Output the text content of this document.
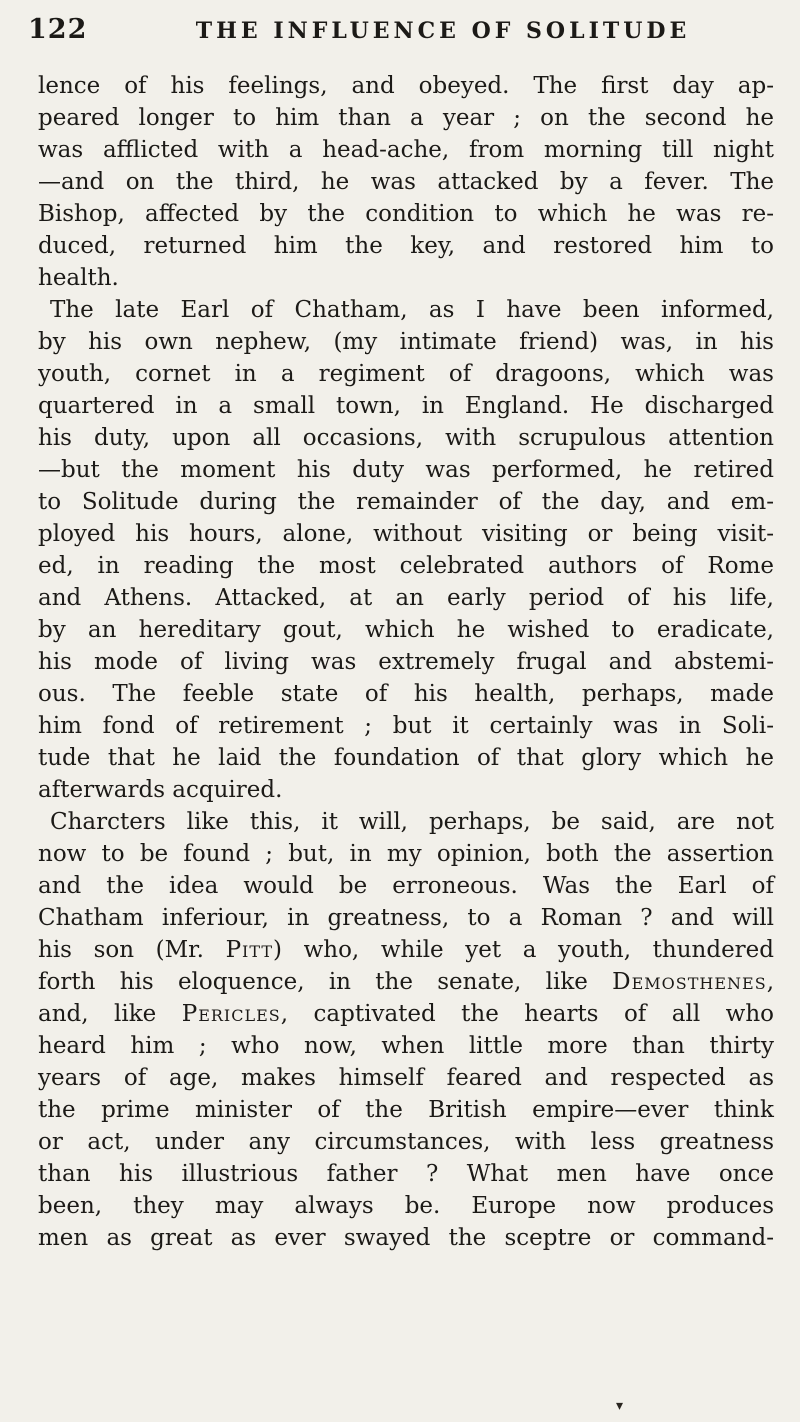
122	THE INFLUENCE OF SOLITUDE
lence of his feelings, and obeyed. The first day ap-
peared longer to him than a year ; on the second he
was afflicted with a head-ache, from morning till night
—and on the third, he was attacked by a fever. The
Bishop, affected by the condition to which he was re-
duced, returned him the key, and restored him to
health.
The late Earl of Chatham, as I have been informed,
by his own nephew, (my intimate friend) was, in his
youth, cornet in a regiment of dragoons, which was
quartered in a small town, in England. He discharged
his duty, upon all occasions, with scrupulous attention
—but the moment his duty was performed, he retired
to Solitude during the remainder of the day, and em-
ployed his hours, alone, without visiting or being visit-
ed, in reading the most celebrated authors of Rome
and Athens. Attacked, at an early period of his life,
by an hereditary gout, which he wished to eradicate,
his mode of living was extremely frugal and abstemi-
ous. The feeble state of his health, perhaps, made
him fond of retirement ; but it certainly was in Soli-
tude that he laid the foundation of that glory which he
afterwards acquired.
Charcters like this, it will, perhaps, be said, are not
now to be found ; but, in my opinion, both the assertion
and the idea would be erroneous. Was the Earl of
Chatham inferiour, in greatness, to a Roman ? and will
his son (Mr. Pitt) who, while yet a youth, thundered
forth his eloquence, in the senate, like Demosthenes,
and, like Pericles, captivated the hearts of all who
heard him ; who now, when little more than thirty
years of age, makes himself feared and respected as
the prime minister of the British empire—ever think
or act, under any circumstances, with less greatness
than his illustrious father ? What men have once
been, they may always be. Europe now produces
men as great as ever swayed the sceptre or command-
▾
